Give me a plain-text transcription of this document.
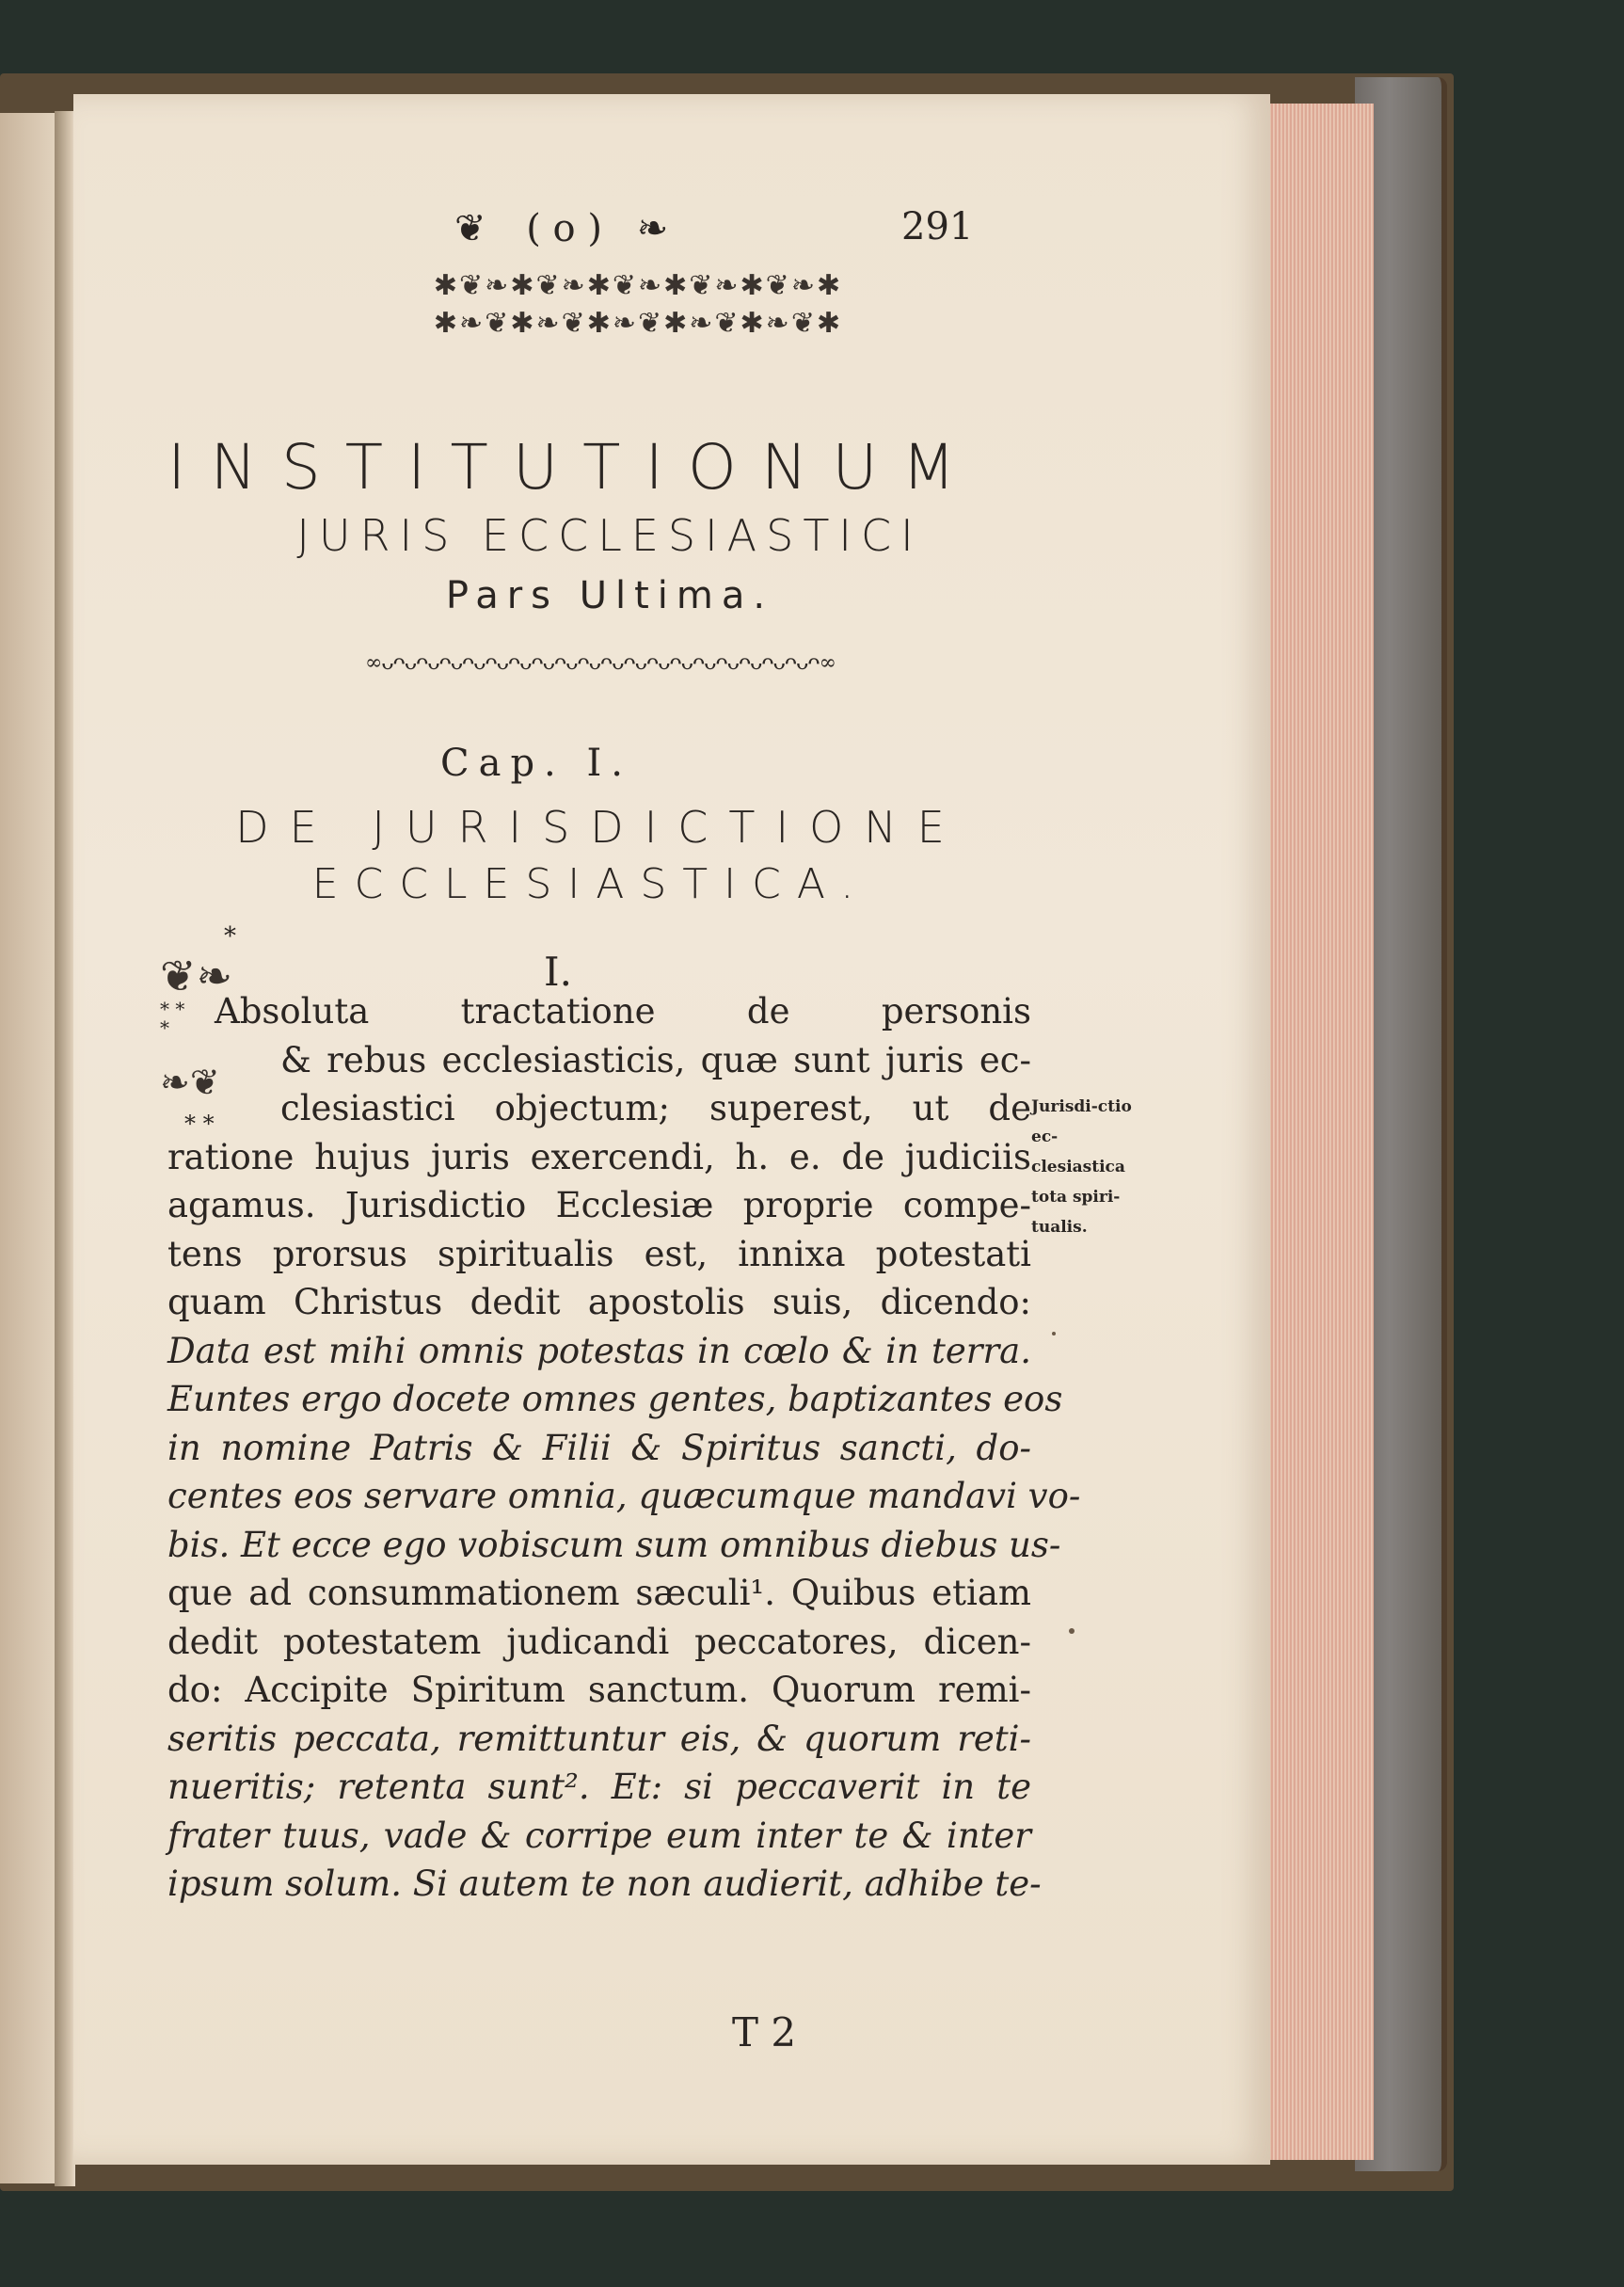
❦ ( o ) ❧	291
✱❦❧✱❦❧✱❦❧✱❦❧✱❦❧✱
✱❧❦✱❧❦✱❧❦✱❧❦✱❧❦✱
INSTITUTIONUM
JURIS ECCLESIASTICI
Pars Ultima.
∞ᴗᴖᴗᴖᴗᴖᴗᴖᴗᴖᴗᴖᴗᴖᴗᴖᴗᴖᴗᴖᴗᴖᴗᴖᴗᴖᴗᴖᴗᴖᴗᴖᴗᴖᴗᴖᴗᴖ∞
Cap. I.
DE JURISDICTIONE
ECCLESIASTICA.
*
I.
❦❧
* * *
❧❦
* *
Absoluta tractatione de personis
& rebus ecclesiasticis, quæ sunt juris ec-
clesiastici objectum; superest, ut de
ratione hujus juris exercendi, h. e. de judiciis
agamus. Jurisdictio Ecclesiæ proprie compe-
tens prorsus spiritualis est, innixa potestati
quam Christus dedit apostolis suis, dicendo:
Data est mihi omnis potestas in cœlo & in terra.
Euntes ergo docete omnes gentes, baptizantes eos
in nomine Patris & Filii & Spiritus sancti, do-
centes eos servare omnia, quæcumque mandavi vo-
bis. Et ecce ego vobiscum sum omnibus diebus us-
que ad consummationem sæculi¹. Quibus etiam
dedit potestatem judicandi peccatores, dicen-
do: Accipite Spiritum sanctum. Quorum remi-
seritis peccata, remittuntur eis, & quorum reti-
nueritis; retenta sunt². Et: si peccaverit in te
frater tuus, vade & corripe eum inter te & inter
ipsum solum. Si autem te non audierit, adhibe te-
Jurisdi-ctio ec-clesiastica tota spiri-tualis.
T 2
